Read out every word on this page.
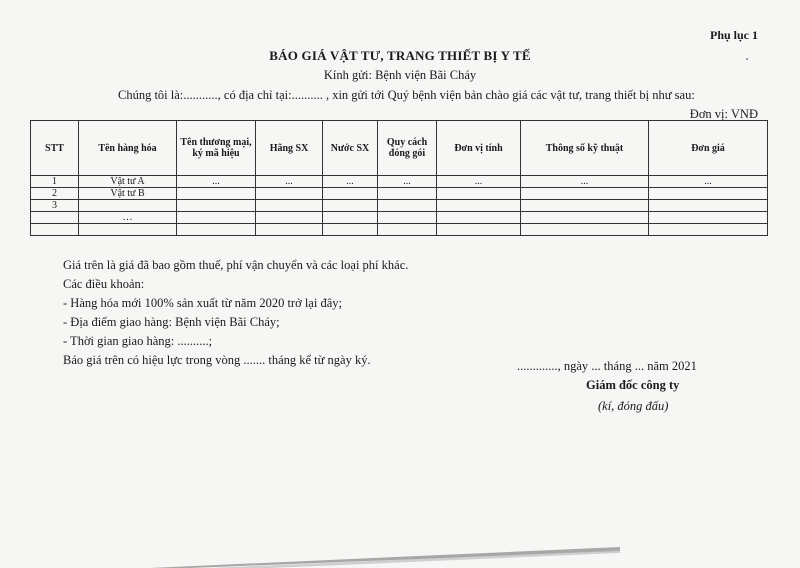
Phụ lục 1
BÁO GIÁ VẬT TƯ, TRANG THIẾT BỊ Y TẾ
Kính gửi: Bệnh viện Bãi Cháy
Chúng tôi là:..........., có địa chỉ tại:.......... , xin gửi tới Quý bệnh viện bản chào giá các vật tư, trang thiết bị như sau:
Đơn vị: VNĐ
STT	Tên hàng hóa	Tên thương mại, ký mã hiệu	Hãng SX	Nước SX	Quy cách đóng gói	Đơn vị tính	Thông số kỹ thuật	Đơn giá
1	Vật tư A	...	...	...	...	...	...	...
2	Vật tư B							
3								
	…							

Giá trên là giá đã bao gồm thuế, phí vận chuyển và các loại phí khác.
Các điều khoản:
- Hàng hóa mới 100% sản xuất từ năm 2020 trở lại đây;
- Địa điểm giao hàng: Bệnh viện Bãi Cháy;
- Thời gian giao hàng: ..........;
Báo giá trên có hiệu lực trong vòng ....... tháng kể từ ngày ký.	............., ngày ... tháng ... năm 2021
Giám đốc công ty
(kí, đóng đấu)
